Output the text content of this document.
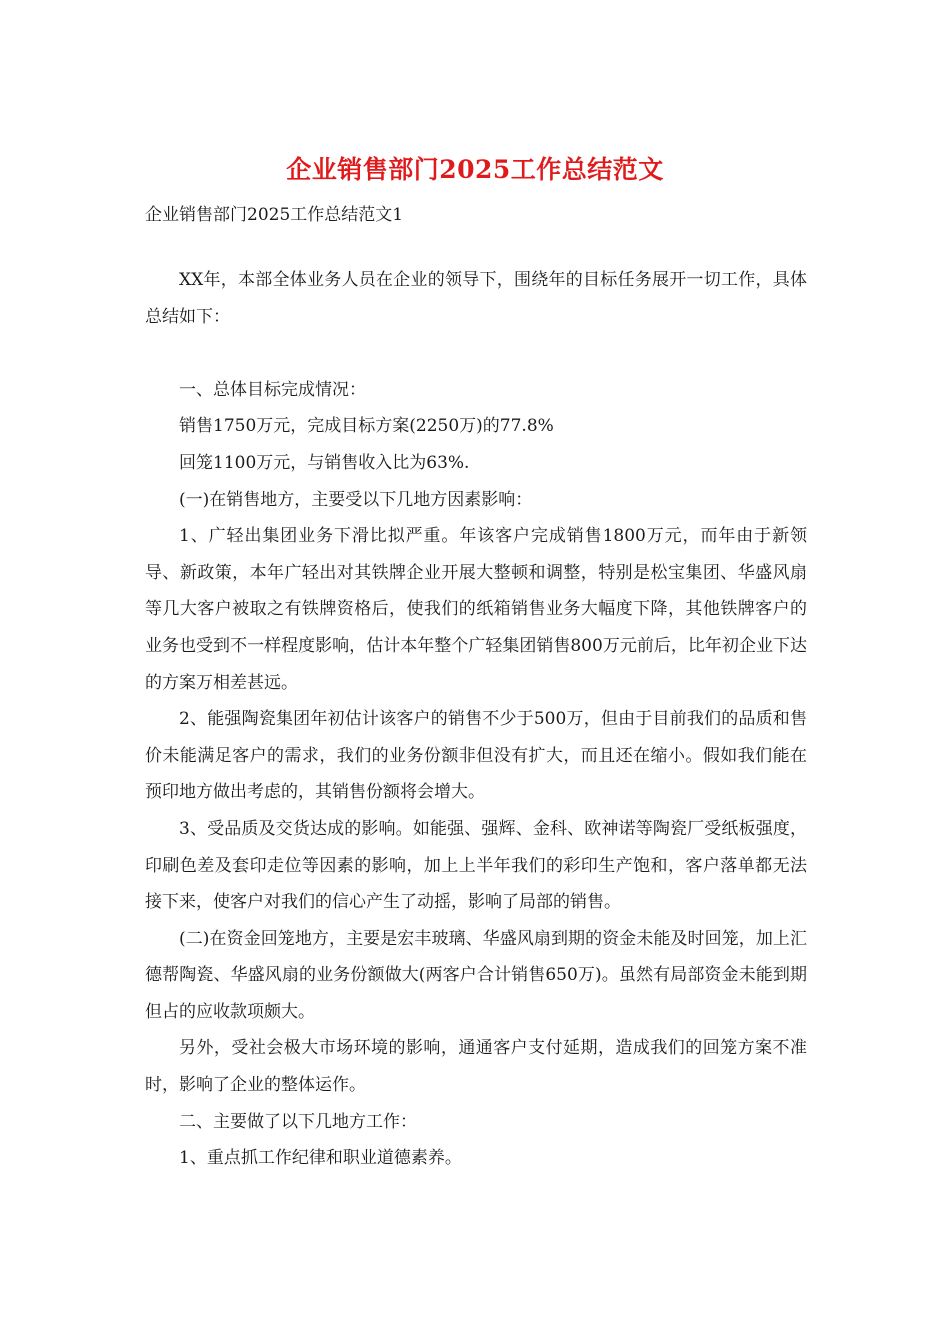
企业销售部门2025工作总结范文
企业销售部门2025工作总结范文1

XX年，本部全体业务人员在企业的领导下，围绕年的目标任务展开一切工作，具体总结如下：

一、总体目标完成情况：

销售1750万元，完成目标方案(2250万)的77.8%

回笼1100万元，与销售收入比为63%.

(一)在销售地方，主要受以下几地方因素影响：

1、广轻出集团业务下滑比拟严重。年该客户完成销售1800万元，而年由于新领导、新政策，本年广轻出对其铁牌企业开展大整顿和调整，特别是松宝集团、华盛风扇等几大客户被取之有铁牌资格后，使我们的纸箱销售业务大幅度下降，其他铁牌客户的业务也受到不一样程度影响，估计本年整个广轻集团销售800万元前后，比年初企业下达的方案万相差甚远。

2、能强陶瓷集团年初估计该客户的销售不少于500万，但由于目前我们的品质和售价未能满足客户的需求，我们的业务份额非但没有扩大，而且还在缩小。假如我们能在预印地方做出考虑的，其销售份额将会增大。

3、受品质及交货达成的影响。如能强、强辉、金科、欧神诺等陶瓷厂受纸板强度，印刷色差及套印走位等因素的影响，加上上半年我们的彩印生产饱和，客户落单都无法接下来，使客户对我们的信心产生了动摇，影响了局部的销售。

(二)在资金回笼地方，主要是宏丰玻璃、华盛风扇到期的资金未能及时回笼，加上汇德帮陶瓷、华盛风扇的业务份额做大(两客户合计销售650万)。虽然有局部资金未能到期但占的应收款项颇大。

另外，受社会极大市场环境的影响，通通客户支付延期，造成我们的回笼方案不准时，影响了企业的整体运作。

二、主要做了以下几地方工作：

1、重点抓工作纪律和职业道德素养。
